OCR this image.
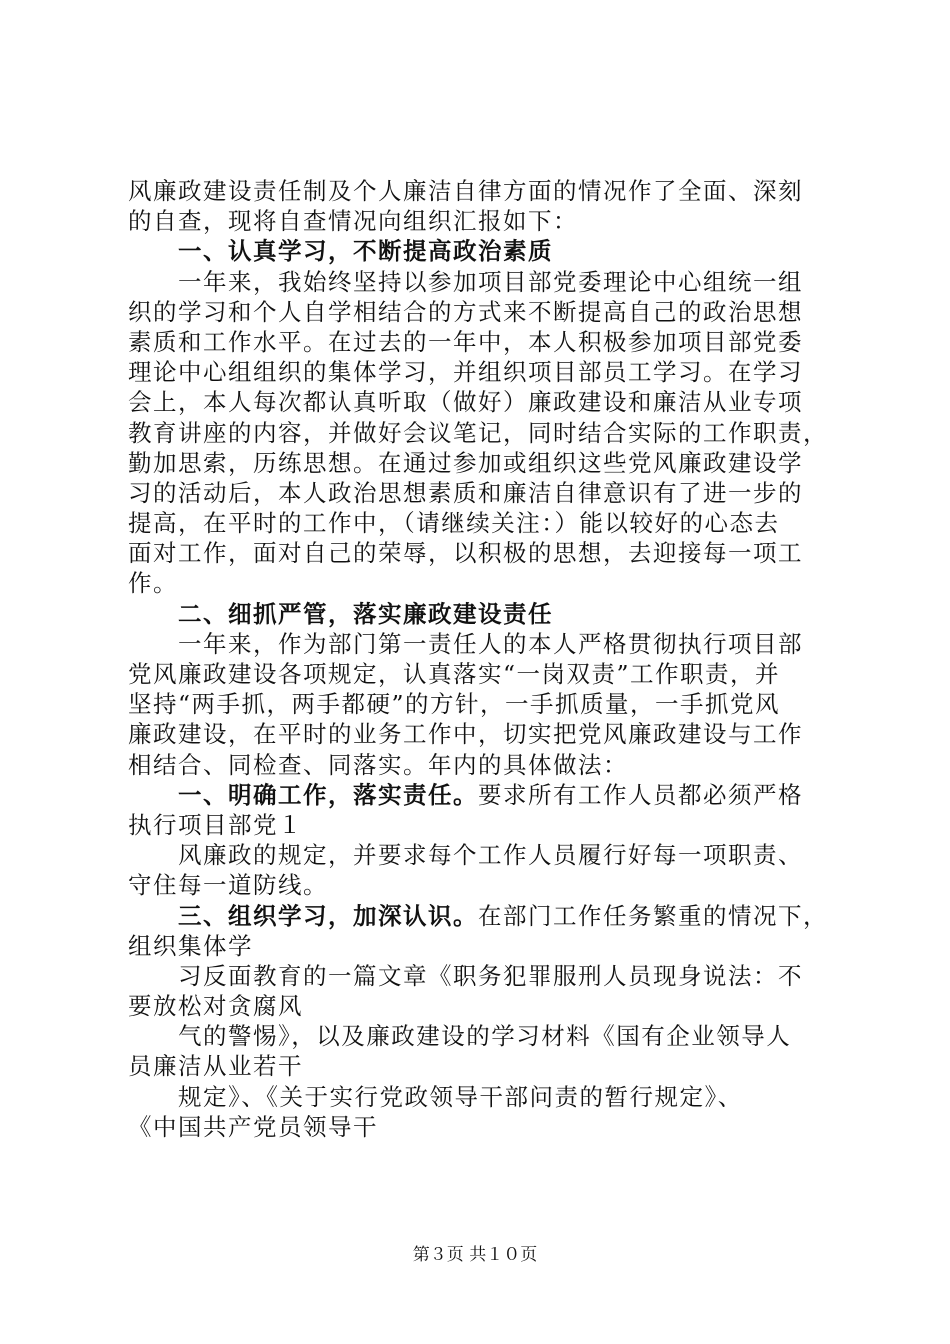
风廉政建设责任制及个人廉洁自律方面的情况作了全面、深刻
的自查，现将自查情况向组织汇报如下：
一、认真学习，不断提高政治素质
一年来，我始终坚持以参加项目部党委理论中心组统一组
织的学习和个人自学相结合的方式来不断提高自己的政治思想
素质和工作水平。在过去的一年中，本人积极参加项目部党委
理论中心组组织的集体学习，并组织项目部员工学习。在学习
会上，本人每次都认真听取（做好）廉政建设和廉洁从业专项
教育讲座的内容，并做好会议笔记，同时结合实际的工作职责，
勤加思索，历练思想。在通过参加或组织这些党风廉政建设学
习的活动后，本人政治思想素质和廉洁自律意识有了进一步的
提高，在平时的工作中，（请继续关注：）能以较好的心态去
面对工作，面对自己的荣辱，以积极的思想，去迎接每一项工
作。
二、细抓严管，落实廉政建设责任
一年来，作为部门第一责任人的本人严格贯彻执行项目部
党风廉政建设各项规定，认真落实“一岗双责”工作职责，并
坚持“两手抓，两手都硬”的方针，一手抓质量，一手抓党风
廉政建设，在平时的业务工作中，切实把党风廉政建设与工作
相结合、同检查、同落实。年内的具体做法：
一、明确工作，落实责任。要求所有工作人员都必须严格
执行项目部党１
风廉政的规定，并要求每个工作人员履行好每一项职责、
守住每一道防线。
三、组织学习，加深认识。在部门工作任务繁重的情况下，
组织集体学
习反面教育的一篇文章《职务犯罪服刑人员现身说法：不
要放松对贪腐风
气的警惕》，以及廉政建设的学习材料《国有企业领导人
员廉洁从业若干
规定》、《关于实行党政领导干部问责的暂行规定》、
《中国共产党员领导干
第３页 共１０页
